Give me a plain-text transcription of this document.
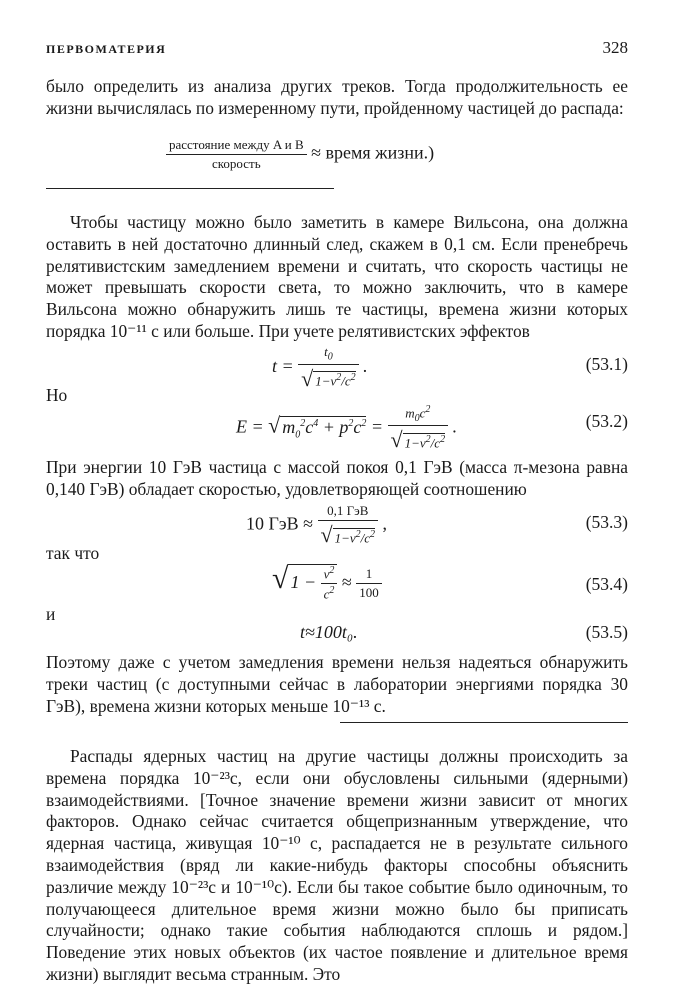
ПЕРВОМАТЕРИЯ	328
было определить из анализа других треков. Тогда продолжительность ее жизни вычислялась по измеренному пути, пройденному частицей до распада:
$\frac{\text{расстояние между A и B}}{\text{скорость}}$ ≈ время жизни.)
Чтобы частицу можно было заметить в камере Вильсона, она должна оставить в ней достаточно длинный след, скажем в 0,1 см. Если пренебречь релятивистским замедлением времени и считать, что скорость частицы не может превышать скорости света, то можно заключить, что в камере Вильсона можно обнаружить лишь те частицы, времена жизни которых порядка 10⁻¹¹ с или больше. При учете релятивистских эффектов
$t = \frac{t_0}{√ 1-v^2/c^2}$ .	(53.1)
Но
E = √ $m_0^2c^4 + p^2c^2 = \frac{m_0c^2}{√ 1-v^2/c^2}$ .	(53.2)
При энергии 10 ГэВ частица с массой покоя 0,1 ГэВ (масса π-мезона равна 0,140 ГэВ) обладает скоростью, удовлетворяющей соотношению
10 ГэВ ≈ $\frac{\text{0,1 ГэВ}}{√ 1-v^2/c^2}$ ,	(53.3)
так что
√ $1 - \frac{v^2}{c^2} \approx \frac{1}{100}$	(53.4)
и
t≈100t₀.	(53.5)
Поэтому даже с учетом замедления времени нельзя надеяться обнаружить треки частиц (с доступными сейчас в лаборатории энергиями порядка 30 ГэВ), времена жизни которых меньше 10⁻¹³ с.
Распады ядерных частиц на другие частицы должны происходить за времена порядка 10⁻²³с, если они обусловлены сильными (ядерными) взаимодействиями. [Точное значение времени жизни зависит от многих факторов. Однако сейчас считается общепризнанным утверждение, что ядерная частица, живущая 10⁻¹⁰ с, распадается не в результате сильного взаимодействия (вряд ли какие-нибудь факторы способны объяснить различие между 10⁻²³с и 10⁻¹⁰с). Если бы такое событие было одиночным, то получающееся длительное время жизни можно было бы приписать случайности; однако такие события наблюдаются сплошь и рядом.] Поведение этих новых объектов (их частое появление и длительное время жизни) выглядит весьма странным. Это
